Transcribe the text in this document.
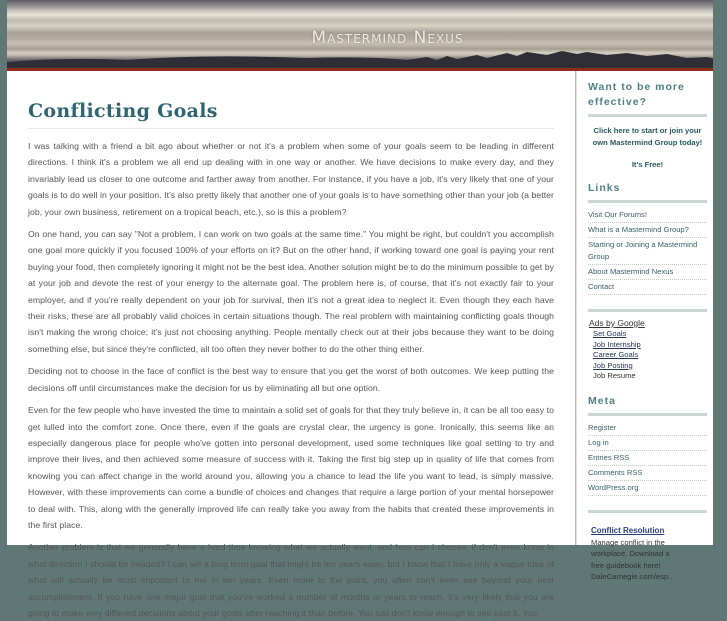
Mastermind Nexus
Conflicting Goals

I was talking with a friend a bit ago about whether or not it's a problem when some of your goals seem to be leading in different directions. I think it's a problem we all end up dealing with in one way or another. We have decisions to make every day, and they invariably lead us closer to one outcome and farther away from another. For instance, if you have a job, it's very likely that one of your goals is to do well in your position. It's also pretty likely that another one of your goals is to have something other than your job (a better job, your own business, retirement on a tropical beach, etc.), so is this a problem?

On one hand, you can say "Not a problem, I can work on two goals at the same time." You might be right, but couldn't you accomplish one goal more quickly if you focused 100% of your efforts on it? But on the other hand, if working toward one goal is paying your rent buying your food, then completely ignoring it might not be the best idea. Another solution might be to do the minimum possible to get by at your job and devote the rest of your energy to the alternate goal. The problem here is, of course, that it's not exactly fair to your employer, and if you're really dependent on your job for survival, then it's not a great idea to neglect it. Even though they each have their risks, these are all probably valid choices in certain situations though. The real problem with maintaining conflicting goals though isn't making the wrong choice; it's just not choosing anything. People mentally check out at their jobs because they want to be doing something else, but since they're conflicted, all too often they never bother to do the other thing either.

Deciding not to choose in the face of conflict is the best way to ensure that you get the worst of both outcomes. We keep putting the decisions off until circumstances make the decision for us by eliminating all but one option.

Even for the few people who have invested the time to maintain a solid set of goals for that they truly believe in, it can be all too easy to get lulled into the comfort zone. Once there, even if the goals are crystal clear, the urgency is gone. Ironically, this seems like an especially dangerous place for people who've gotten into personal development, used some techniques like goal setting to try and improve their lives, and then achieved some measure of success with it. Taking the first big step up in quality of life that comes from knowing you can affect change in the world around you, allowing you a chance to lead the life you want to lead, is simply massive. However, with these improvements can come a bundle of choices and changes that require a large portion of your mental horsepower to deal with. This, along with the generally improved life can really take you away from the habits that created these improvements in the first place.

Another problem is that we generally have a hard time knowing what we actually want, and how can I choose, if don't even know in what direction I should be headed? I can set a long term goal that might be ten years away, but I know that I have only a vague idea of what will actually be most important to me in ten years. Even more to the point, you often can't even see beyond your next accomplishment. If you have one major goal that you've worked a number of months or years to reach, it's very likely that you are going to make very different decisions about your goals after reaching it than before. You just don't know enough to see past it. You

Want to be more effective?
Click here to start or join your own Mastermind Group today!
It's Free!
Links
Visit Our Forums!
What is a Mastermind Group?
Starting or Joining a Mastermind Group
About Mastermind Nexus
Contact
Ads by Google
Set Goals
Job Internship
Career Goals
Job Posting
Job Resume
Meta
Register
Log in
Entries RSS
Comments RSS
WordPress.org
Conflict Resolution
Manage conflict in the
workplace. Download a
free guidebook here!
DaleCarnegie.com/esp...
